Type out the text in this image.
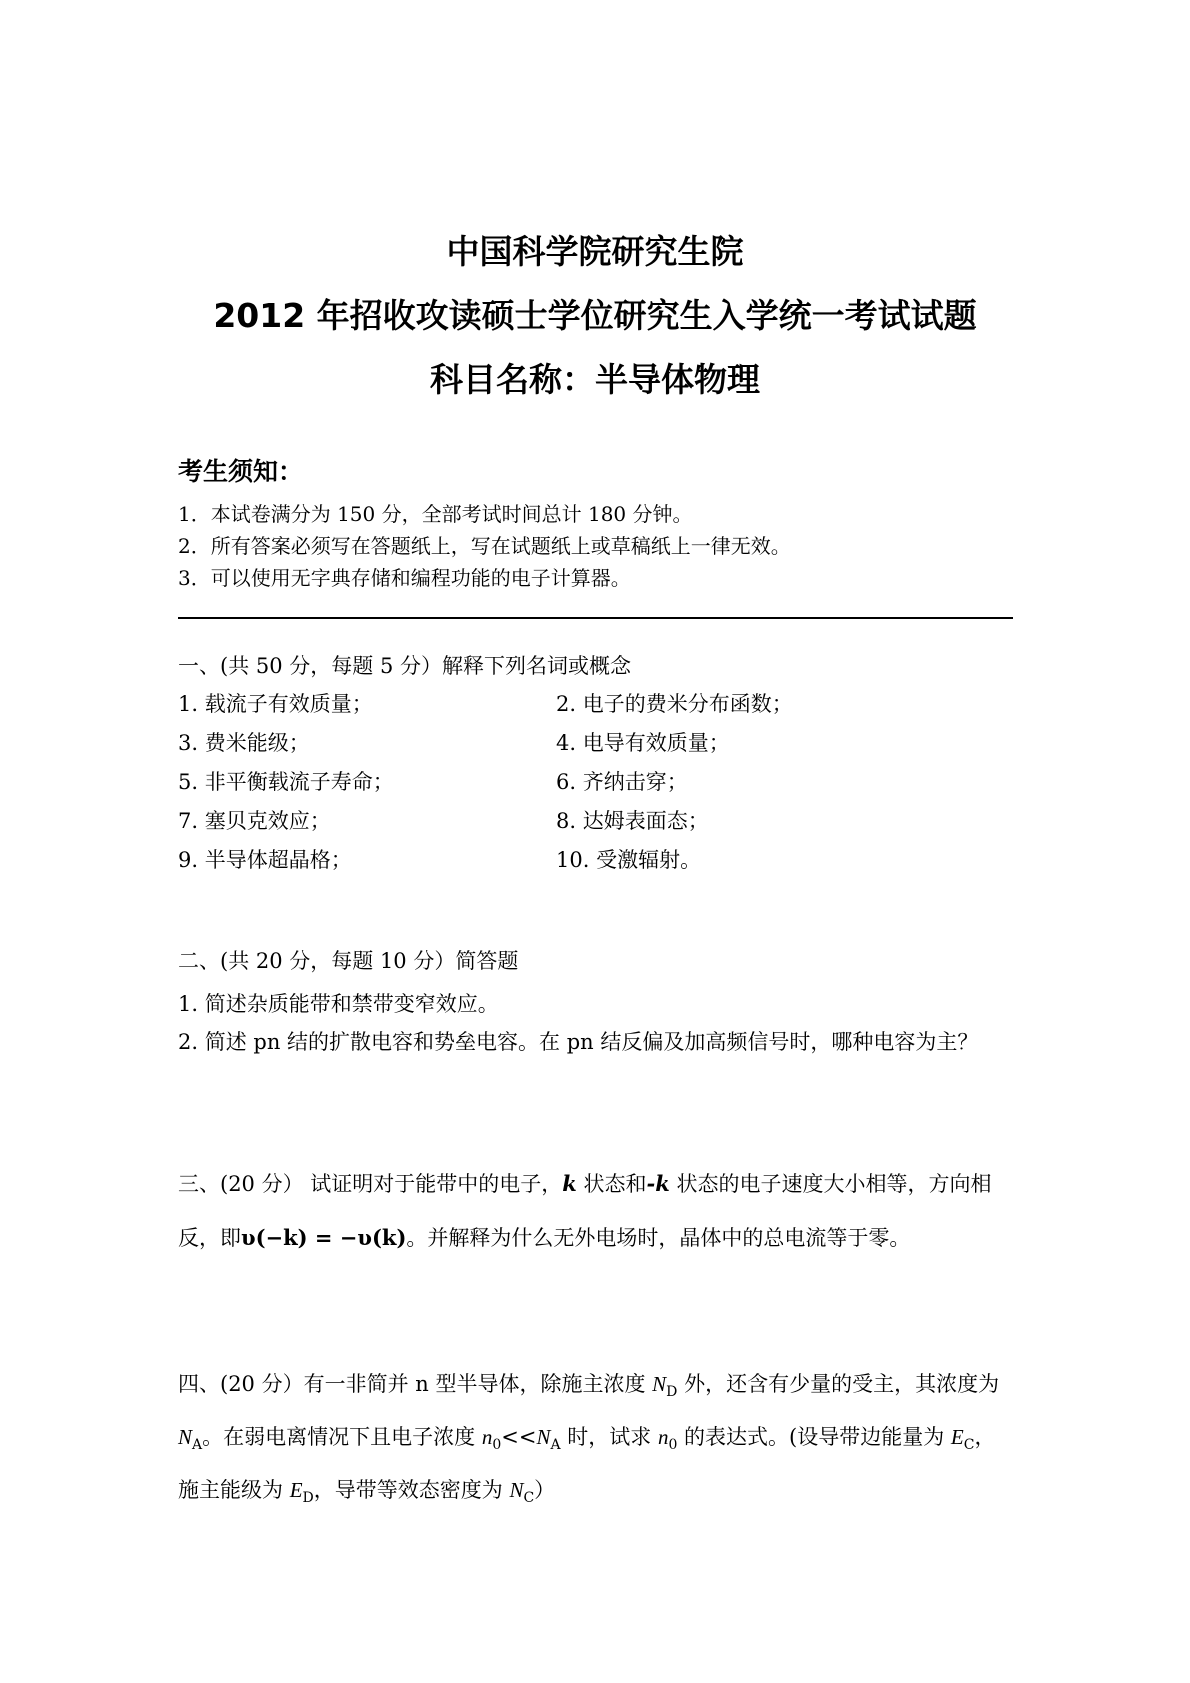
中国科学院研究生院
2012 年招收攻读硕士学位研究生入学统一考试试题
科目名称：半导体物理
考生须知：
1．本试卷满分为 150 分，全部考试时间总计 180 分钟。
2．所有答案必须写在答题纸上，写在试题纸上或草稿纸上一律无效。
3．可以使用无字典存储和编程功能的电子计算器。
一、(共 50 分，每题 5 分）解释下列名词或概念
1. 载流子有效质量；	2. 电子的费米分布函数；
3. 费米能级；	4. 电导有效质量；
5. 非平衡载流子寿命；	6. 齐纳击穿；
7. 塞贝克效应；	8. 达姆表面态；
9. 半导体超晶格；	10. 受激辐射。
二、(共 20 分，每题 10 分）简答题
1. 简述杂质能带和禁带变窄效应。
2. 简述 pn 结的扩散电容和势垒电容。在 pn 结反偏及加高频信号时，哪种电容为主？
三、(20 分） 试证明对于能带中的电子，k 状态和-k 状态的电子速度大小相等，方向相反，即υ(−k) = −υ(k)。并解释为什么无外电场时，晶体中的总电流等于零。
四、(20 分）有一非简并 n 型半导体，除施主浓度 $N_D$ 外，还含有少量的受主，其浓度为 $N_A$。在弱电离情况下且电子浓度 $n_0<<N_A$ 时，试求 $n_0$ 的表达式。(设导带边能量为 $E_C$，施主能级为 $E_D$，导带等效态密度为 $N_C$）
